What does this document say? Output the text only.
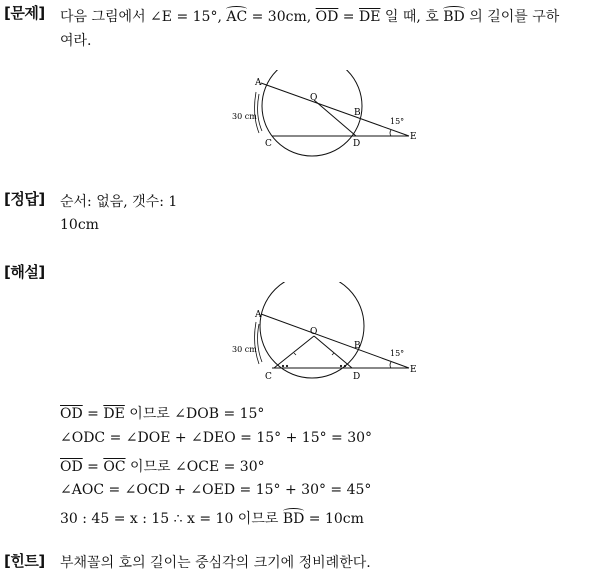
[문제] 다음 그림에서 ∠E = 15°, AC = 30cm, $\overline{OD} = \overline{DE}$ 일 때, 호 BD 의 길이를 구하
여라.
A
O
B
C	D
E
15°
30 cm
[정답] 순서: 없음, 갯수: 1
10cm
[해설]
A
O
B
C	D
E
15°
30 cm
$\overline{OD} = \overline{DE}$ 이므로 ∠DOB = 15°
∠ODC = ∠DOE + ∠DEO = 15° + 15° = 30°
$\overline{OD} = \overline{OC}$ 이므로 ∠OCE = 30°
∠AOC = ∠OCD + ∠OED = 15° + 30° = 45°
30 : 45 = x : 15 ∴ x = 10 이므로 BD = 10cm
[힌트] 부채꼴의 호의 길이는 중심각의 크기에 정비례한다.
